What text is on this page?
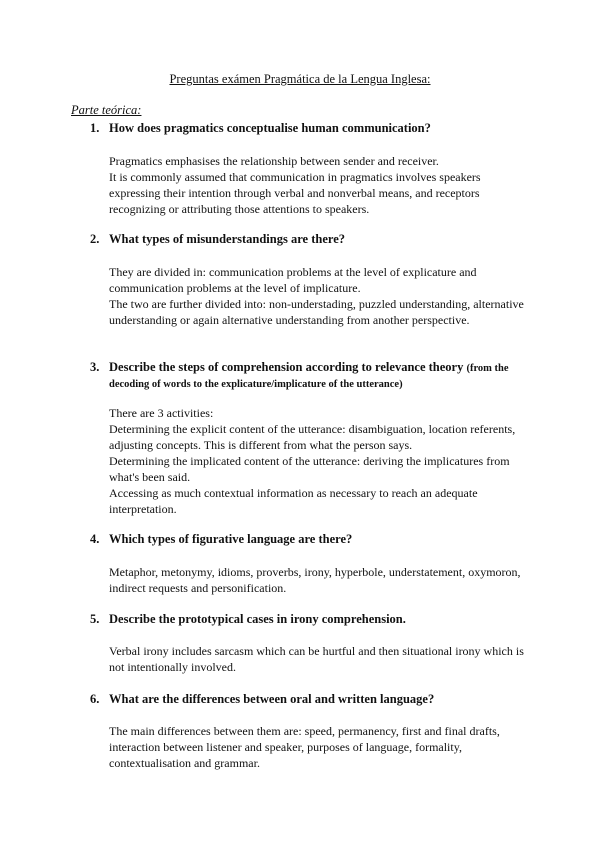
Preguntas exámen Pragmática de la Lengua Inglesa:
Parte teórica:
1. How does pragmatics conceptualise human communication?

Pragmatics emphasises the relationship between sender and receiver.

It is commonly assumed that communication in pragmatics involves speakers expressing their intention through verbal and nonverbal means, and receptors recognizing or attributing those attentions to speakers.

2. What types of misunderstandings are there?

They are divided in: communication problems at the level of explicature and communication problems at the level of implicature.

The two are further divided into: non-understading, puzzled understanding, alternative understanding or again alternative understanding from another perspective.

3. Describe the steps of comprehension according to relevance theory (from the decoding of words to the explicature/implicature of the utterance)

There are 3 activities:

Determining the explicit content of the utterance: disambiguation, location referents, adjusting concepts. This is different from what the person says.

Determining the implicated content of the utterance: deriving the implicatures from what's been said.

Accessing as much contextual information as necessary to reach an adequate interpretation.

4. Which types of figurative language are there?

Metaphor, metonymy, idioms, proverbs, irony, hyperbole, understatement, oxymoron, indirect requests and personification.

5. Describe the prototypical cases in irony comprehension.

Verbal irony includes sarcasm which can be hurtful and then situational irony which is not intentionally involved.

6. What are the differences between oral and written language?

The main differences between them are: speed, permanency, first and final drafts, interaction between listener and speaker, purposes of language, formality, contextualisation and grammar.
